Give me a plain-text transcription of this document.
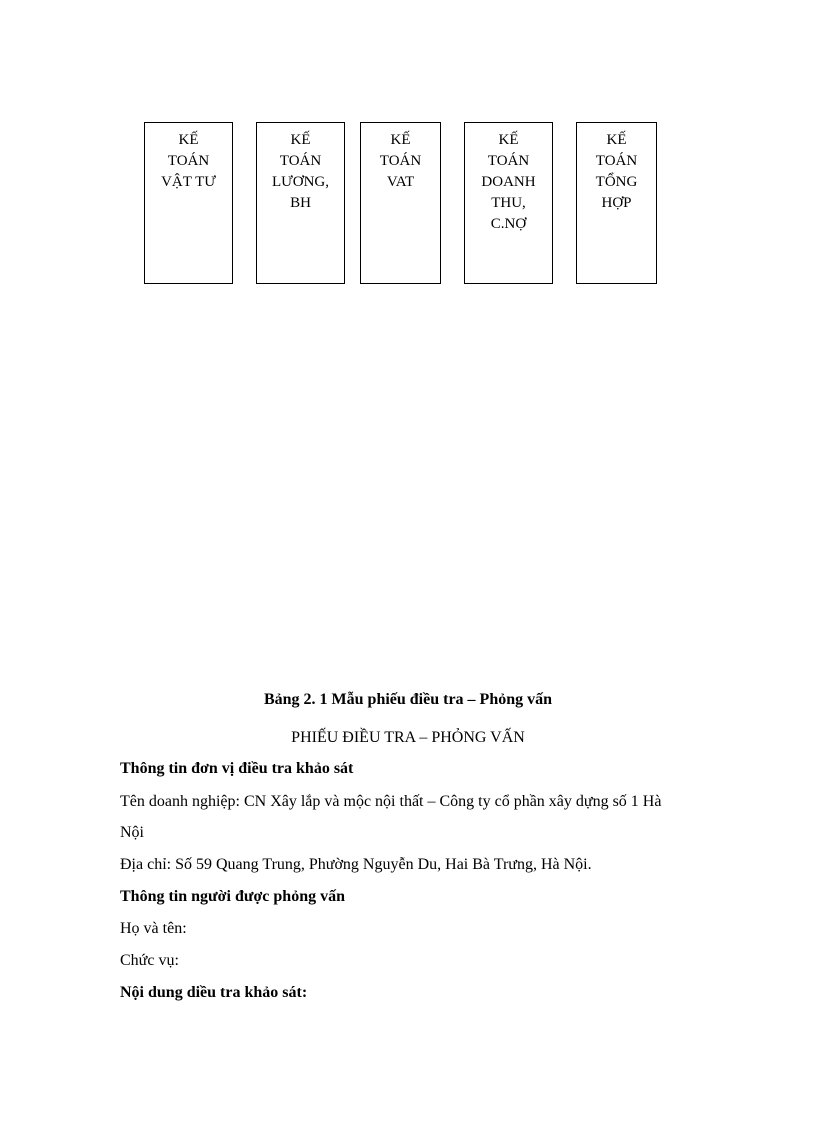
KẾ
TOÁN
VẬT TƯ
KẾ
TOÁN
LƯƠNG,
BH
KẾ
TOÁN
VAT
KẾ
TOÁN
DOANH
THU,
C.NỢ
KẾ
TOÁN
TỔNG
HỢP
Bảng 2. 1 Mẫu phiếu điều tra – Phỏng vấn
PHIẾU ĐIỀU TRA – PHỎNG VẤN
Thông tin đơn vị điều tra khảo sát
Tên doanh nghiệp: CN Xây lắp và mộc nội thất – Công ty cổ phần xây dựng số 1 Hà
Nội
Địa chỉ: Số 59 Quang Trung, Phường Nguyễn Du, Hai Bà Trưng, Hà Nội.
Thông tin người được phỏng vấn
Họ và tên:
Chức vụ:
Nội dung diều tra khảo sát:
